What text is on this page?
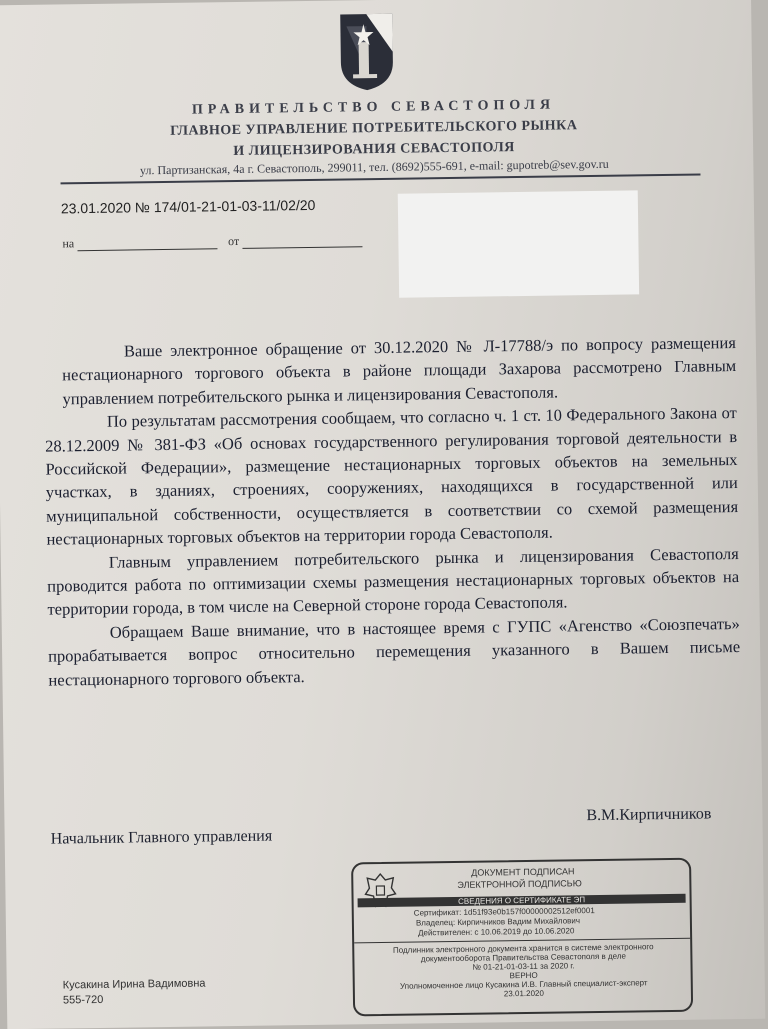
ПРАВИТЕЛЬСТВО СЕВАСТОПОЛЯ
ГЛАВНОЕ УПРАВЛЕНИЕ ПОТРЕБИТЕЛЬСКОГО РЫНКА
И ЛИЦЕНЗИРОВАНИЯ СЕВАСТОПОЛЯ
ул. Партизанская, 4а г. Севастополь, 299011, тел. (8692)555-691, e-mail: gupotreb@sev.gov.ru
23.01.2020 № 174/01-21-01-03-11/02/20
на	от

Ваше электронное обращение от 30.12.2020 № Л-17788/э по вопросу размещения нестационарного торгового объекта в районе площади Захарова рассмотрено Главным управлением потребительского рынка и лицензирования Севастополя.

По результатам рассмотрения сообщаем, что согласно ч. 1 ст. 10 Федерального Закона от 28.12.2009 № 381-ФЗ «Об основах государственного регулирования торговой деятельности в Российской Федерации», размещение нестационарных торговых объектов на земельных участках, в зданиях, строениях, сооружениях, находящихся в государственной или муниципальной собственности, осуществляется в соответствии со схемой размещения нестационарных торговых объектов на территории города Севастополя.

Главным управлением потребительского рынка и лицензирования Севастополя проводится работа по оптимизации схемы размещения нестационарных торговых объектов на территории города, в том числе на Северной стороне города Севастополя.

Обращаем Ваше внимание, что в настоящее время с ГУПС «Агенство «Союзпечать» прорабатывается вопрос относительно перемещения указанного в Вашем письме нестационарного торгового объекта.

Начальник Главного управления
В.М.Кирпичников
ДОКУМЕНТ ПОДПИСАН
ЭЛЕКТРОННОЙ ПОДПИСЬЮ
СВЕДЕНИЯ О СЕРТИФИКАТЕ ЭП
Сертификат: 1d51f93e0b157f00000002512ef0001
Владелец: Кирпичников Вадим Михайлович
Действителен: с 10.06.2019 до 10.06.2020
Подлинник электронного документа хранится в системе электронного
документооборота Правительства Севастополя в деле
№ 01-21-01-03-11 за 2020 г.
ВЕРНО
Уполномоченное лицо Кусакина И.В. Главный специалист-эксперт
23.01.2020
Кусакина Ирина Вадимовна
555-720
